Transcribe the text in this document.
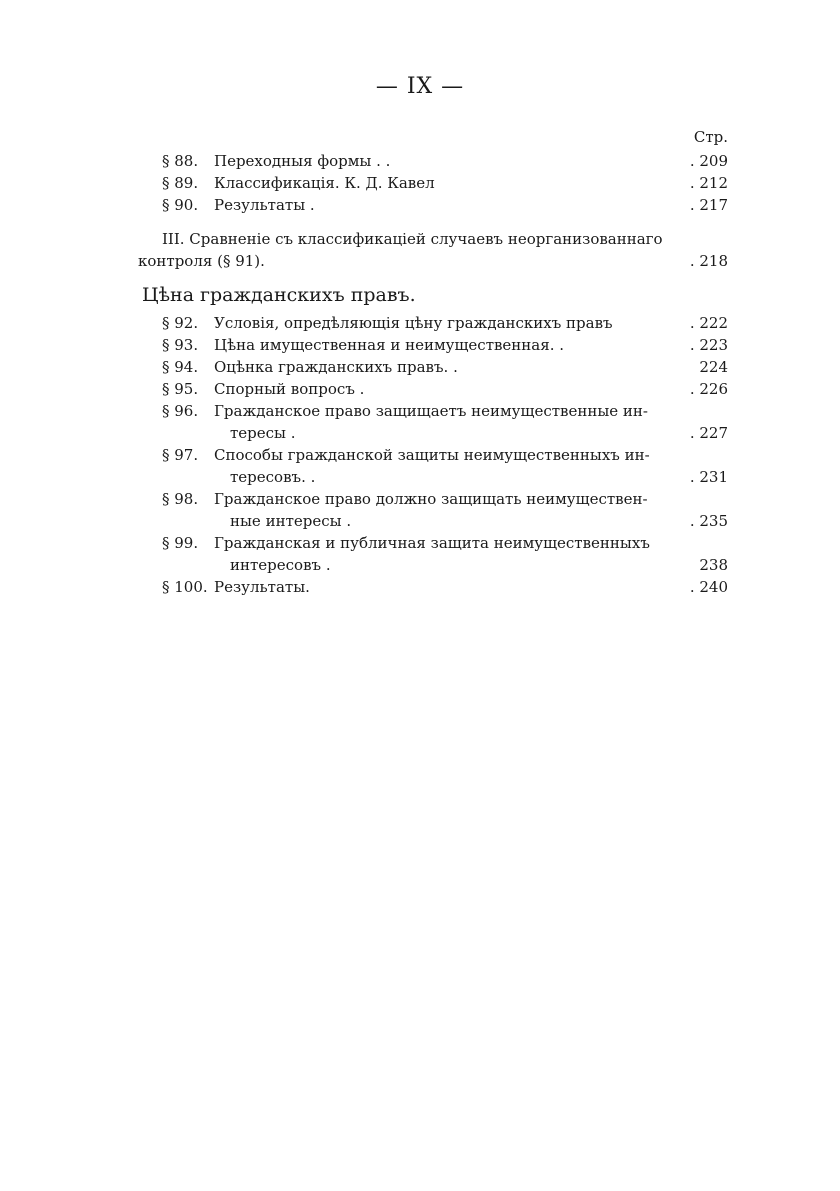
— IX —
Стр.
§ 88. Переходныя формы . .	. 209
§ 89. Классификація. К. Д. Кавел	. 212
§ 90. Результаты .	. 217
III. Сравненіе съ классификаціей случаевъ неорганизованнаго
контроля (§ 91).	. 218
Цѣна гражданскихъ правъ.
§ 92. Условія, опредѣляющія цѣну гражданскихъ правъ	. 222
§ 93. Цѣна имущественная и неимущественная. .	. 223
§ 94. Оцѣнка гражданскихъ правъ. .	224
§ 95. Спорный вопросъ .	. 226
§ 96. Гражданское право защищаетъ неимущественные ин-
тересы .	. 227
§ 97. Способы гражданской защиты неимущественныхъ ин-
тересовъ. .	. 231
§ 98. Гражданское право должно защищать неимуществен-
ные интересы .	. 235
§ 99. Гражданская и публичная защита неимущественныхъ
интересовъ .	238
§ 100. Результаты.	. 240
